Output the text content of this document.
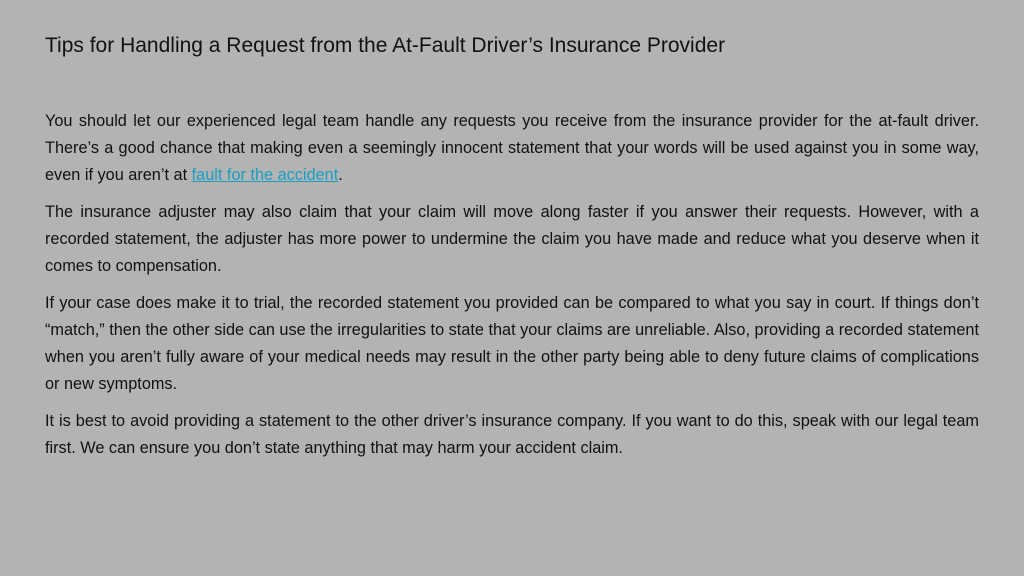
Tips for Handling a Request from the At-Fault Driver’s Insurance Provider

You should let our experienced legal team handle any requests you receive from the insurance provider for the at-fault driver. There’s a good chance that making even a seemingly innocent statement that your words will be used against you in some way, even if you aren’t at fault for the accident.

The insurance adjuster may also claim that your claim will move along faster if you answer their requests. However, with a recorded statement, the adjuster has more power to undermine the claim you have made and reduce what you deserve when it comes to compensation.

If your case does make it to trial, the recorded statement you provided can be compared to what you say in court. If things don’t “match,” then the other side can use the irregularities to state that your claims are unreliable. Also, providing a recorded statement when you aren’t fully aware of your medical needs may result in the other party being able to deny future claims of complications or new symptoms.

It is best to avoid providing a statement to the other driver’s insurance company. If you want to do this, speak with our legal team first. We can ensure you don’t state anything that may harm your accident claim.
